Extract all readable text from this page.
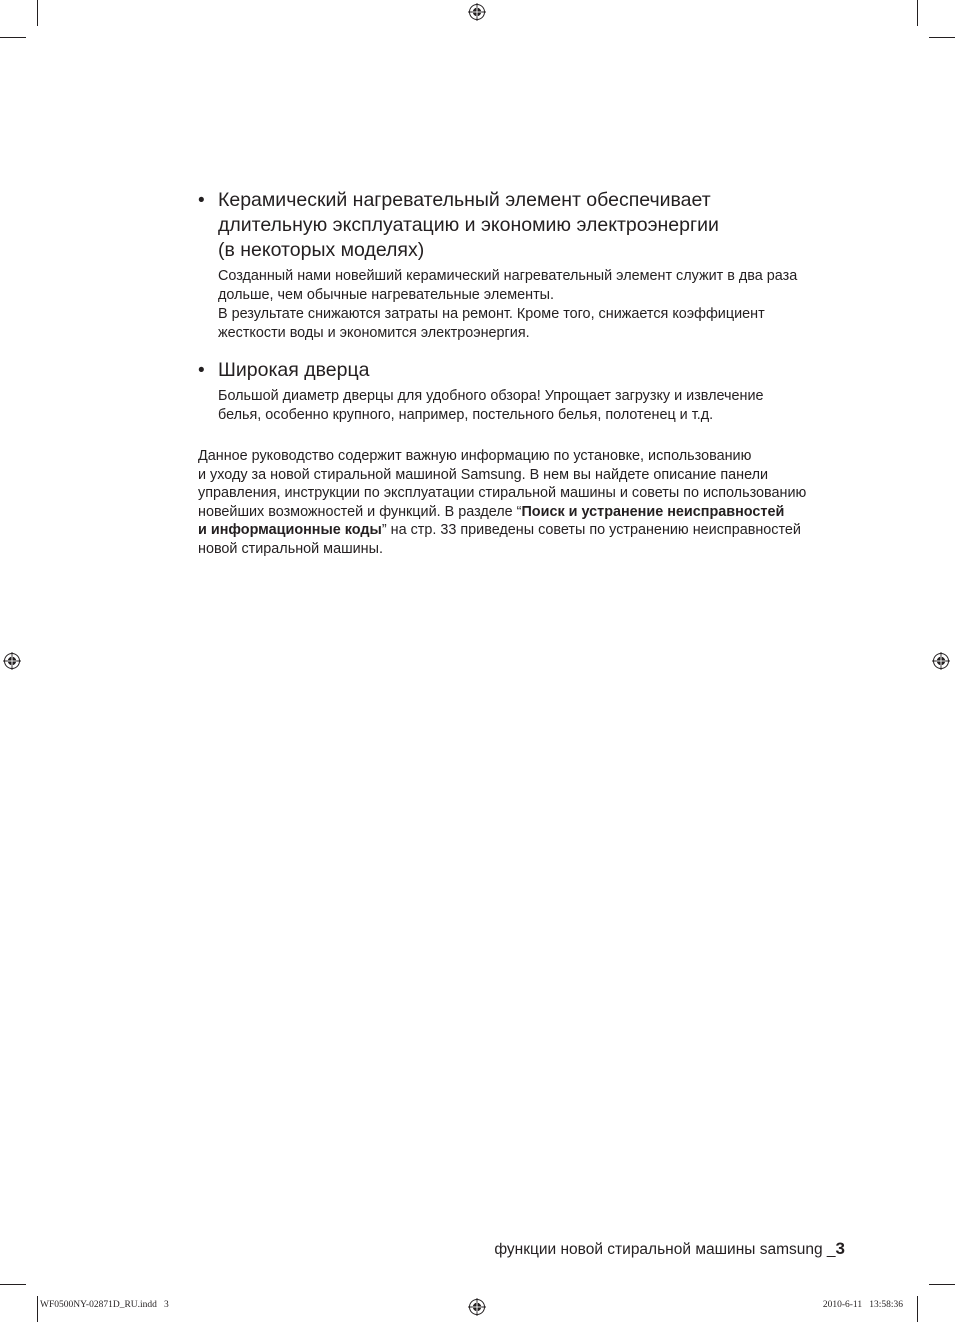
• Керамический нагревательный элемент обеспечивает
длительную эксплуатацию и экономию электроэнергии
(в некоторых моделях)

Созданный нами новейший керамический нагревательный элемент служит в два раза
дольше, чем обычные нагревательные элементы.
В результате снижаются затраты на ремонт. Кроме того, снижается коэффициент
жесткости воды и экономится электроэнергия.

• Широкая дверца

Большой диаметр дверцы для удобного обзора! Упрощает загрузку и извлечение
белья, особенно крупного, например, постельного белья, полотенец и т.д.

Данное руководство содержит важную информацию по установке, использованию
и уходу за новой стиральной машиной Samsung. В нем вы найдете описание панели
управления, инструкции по эксплуатации стиральной машины и советы по использованию
новейших возможностей и функций. В разделе “Поиск и устранение неисправностей
и информационные коды” на стр. 33 приведены советы по устранению неисправностей
новой стиральной машины.
функции новой стиральной машины samsung _3
WF0500NY-02871D_RU.indd   3	2010-6-11   13:58:36
